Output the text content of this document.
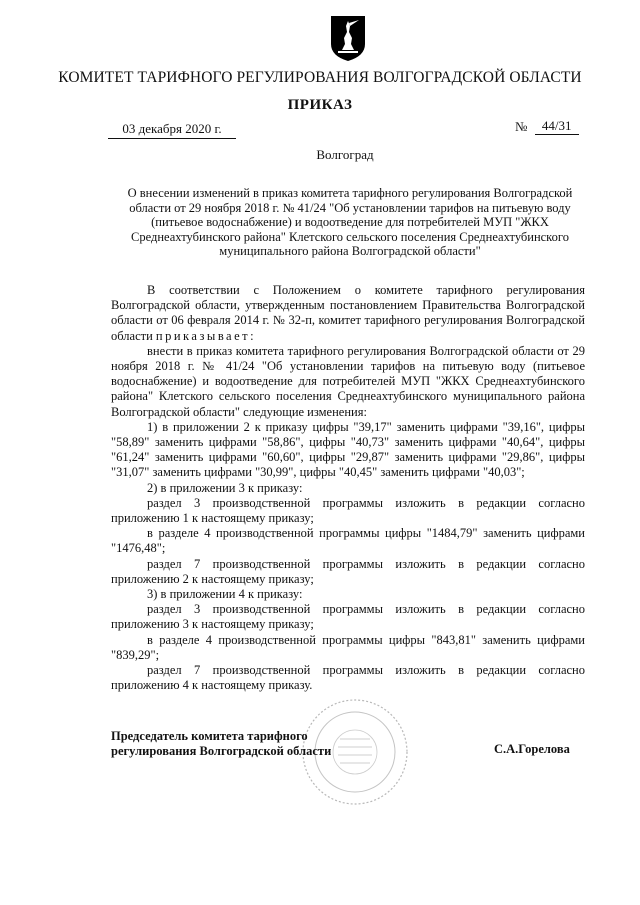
КОМИТЕТ ТАРИФНОГО РЕГУЛИРОВАНИЯ ВОЛГОГРАДСКОЙ ОБЛАСТИ
ПРИКАЗ
03 декабря 2020 г.	№ 44/31
Волгоград
О внесении изменений в приказ комитета тарифного регулирования Волгоградской области от 29 ноября 2018 г. № 41/24 "Об установлении тарифов на питьевую воду (питьевое водоснабжение) и водоотведение для потребителей МУП "ЖКХ Среднеахтубинского района" Клетского сельского поселения Среднеахтубинского муниципального района Волгоградской области"

В соответствии с Положением о комитете тарифного регулирования Волгоградской области, утвержденным постановлением Правительства Волгоградской области от 06 февраля 2014 г. № 32-п, комитет тарифного регулирования Волгоградской области приказывает:

внести в приказ комитета тарифного регулирования Волгоградской области от 29 ноября 2018 г. № 41/24 "Об установлении тарифов на питьевую воду (питьевое водоснабжение) и водоотведение для потребителей МУП "ЖКХ Среднеахтубинского района" Клетского сельского поселения Среднеахтубинского муниципального района Волгоградской области" следующие изменения:

1) в приложении 2 к приказу цифры "39,17" заменить цифрами "39,16", цифры "58,89" заменить цифрами "58,86", цифры "40,73" заменить цифрами "40,64", цифры "61,24" заменить цифрами "60,60", цифры "29,87" заменить цифрами "29,86", цифры "31,07" заменить цифрами "30,99", цифры "40,45" заменить цифрами "40,03";

2) в приложении 3 к приказу:

раздел 3 производственной программы изложить в редакции согласно приложению 1 к настоящему приказу;

в разделе 4 производственной программы цифры "1484,79" заменить цифрами "1476,48";

раздел 7 производственной программы изложить в редакции согласно приложению 2 к настоящему приказу;

3) в приложении 4 к приказу:

раздел 3 производственной программы изложить в редакции согласно приложению 3 к настоящему приказу;

в разделе 4 производственной программы цифры "843,81" заменить цифрами "839,29";

раздел 7 производственной программы изложить в редакции согласно приложению 4 к настоящему приказу.

Председатель комитета тарифного регулирования Волгоградской области	С.А.Горелова
